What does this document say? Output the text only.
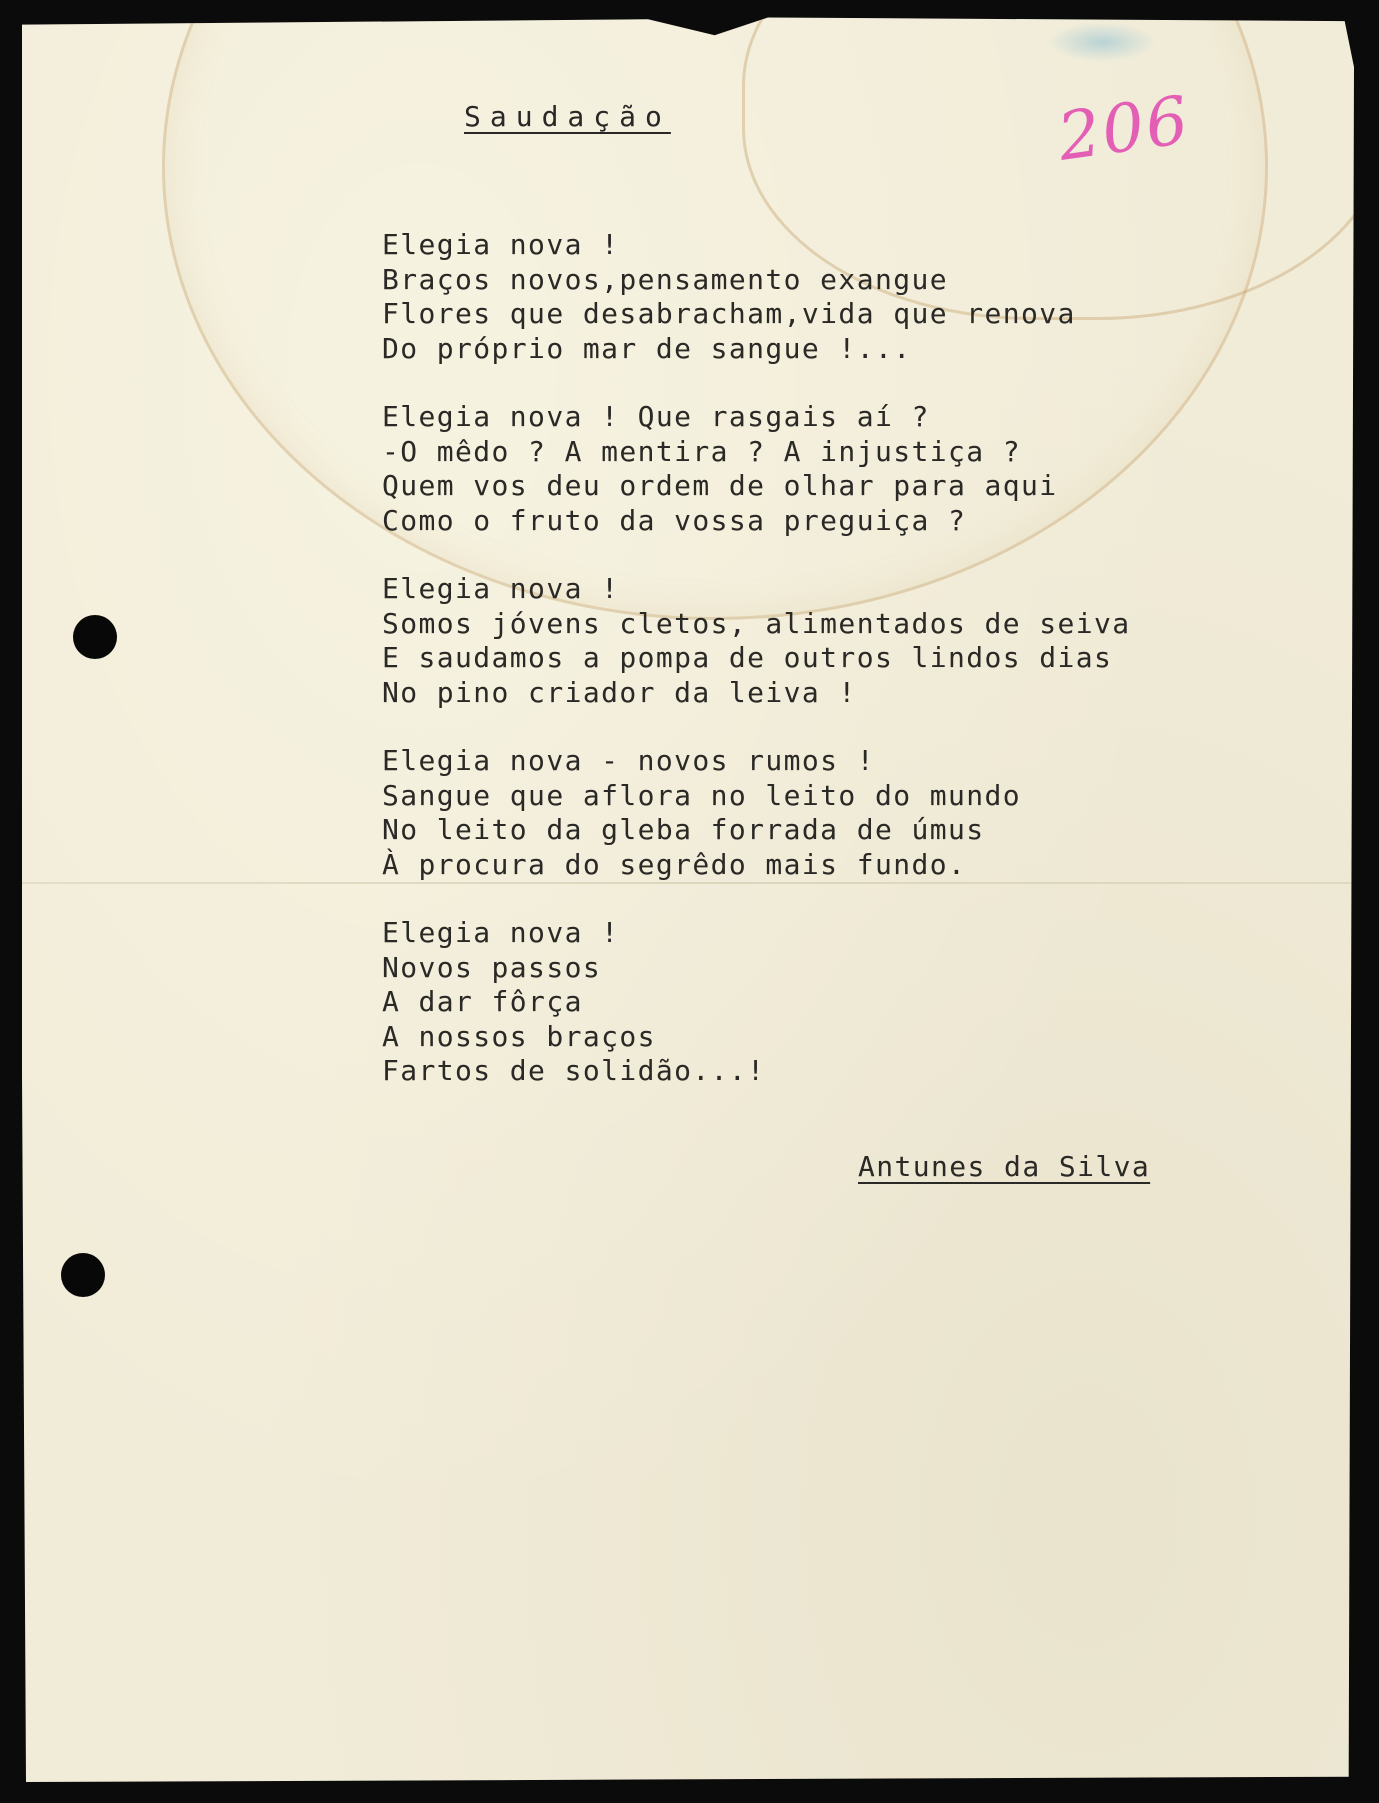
206
Saudação
Elegia nova !
Braços novos,pensamento exangue
Flores que desabracham,vida que renova
Do próprio mar de sangue !...
Elegia nova ! Que rasgais aí ?
-O mêdo ? A mentira ? A injustiça ?
Quem vos deu ordem de olhar para aqui
Como o fruto da vossa preguiça ?
Elegia nova !
Somos jóvens cletos, alimentados de seiva
E saudamos a pompa de outros lindos dias
No pino criador da leiva !
Elegia nova - novos rumos !
Sangue que aflora no leito do mundo
No leito da gleba forrada de úmus
À procura do segrêdo mais fundo.
Elegia nova !
Novos passos
A dar fôrça
A nossos braços
Fartos de solidão...!
Antunes da Silva
